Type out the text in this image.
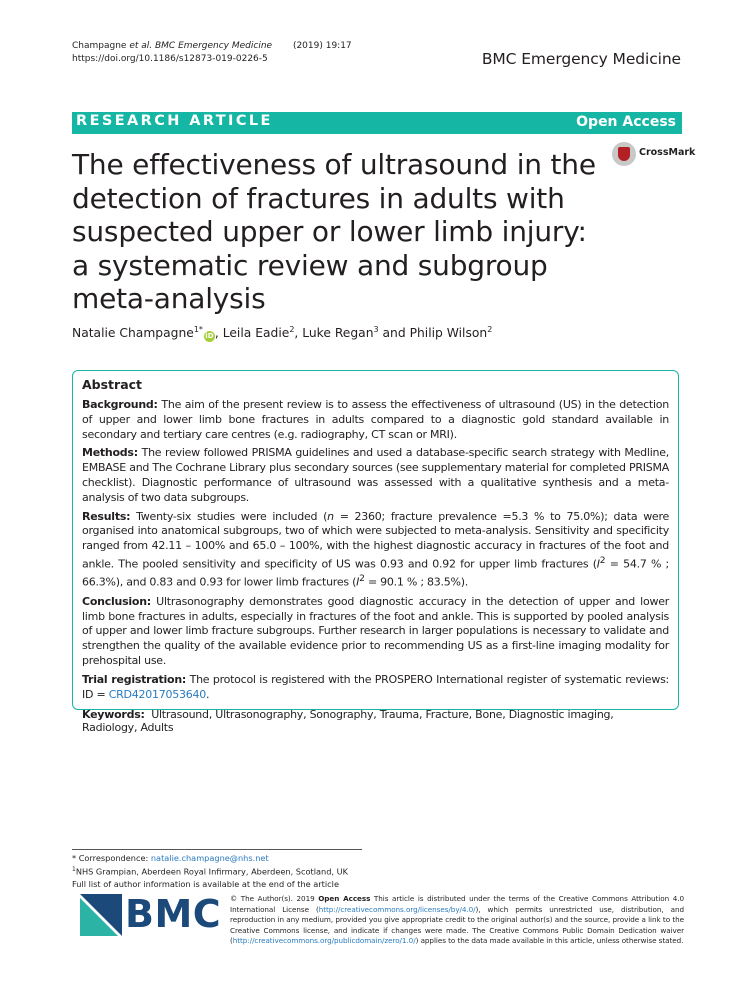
Champagne et al. BMC Emergency Medicine (2019) 19:17
https://doi.org/10.1186/s12873-019-0226-5	BMC Emergency Medicine
RESEARCH ARTICLE	Open Access
CrossMark
The effectiveness of ultrasound in the detection of fractures in adults with suspected upper or lower limb injury: a systematic review and subgroup meta-analysis
Natalie Champagne$^{1*}$iD, Leila Eadie$^2$, Luke Regan$^3$ and Philip Wilson$^2$
Abstract

Background: The aim of the present review is to assess the effectiveness of ultrasound (US) in the detection of upper and lower limb bone fractures in adults compared to a diagnostic gold standard available in secondary and tertiary care centres (e.g. radiography, CT scan or MRI).

Methods: The review followed PRISMA guidelines and used a database-specific search strategy with Medline, EMBASE and The Cochrane Library plus secondary sources (see supplementary material for completed PRISMA checklist). Diagnostic performance of ultrasound was assessed with a qualitative synthesis and a meta-analysis of two data subgroups.

Results: Twenty-six studies were included (n = 2360; fracture prevalence =5.3 % to 75.0%); data were organised into anatomical subgroups, two of which were subjected to meta-analysis. Sensitivity and specificity ranged from 42.11 – 100% and 65.0 – 100%, with the highest diagnostic accuracy in fractures of the foot and ankle. The pooled sensitivity and specificity of US was 0.93 and 0.92 for upper limb fractures ($I^2 = 54.7$ % ; 66.3%), and 0.83 and 0.93 for lower limb fractures ($I^2 = 90.1$ % ; 83.5%).

Conclusion: Ultrasonography demonstrates good diagnostic accuracy in the detection of upper and lower limb bone fractures in adults, especially in fractures of the foot and ankle. This is supported by pooled analysis of upper and lower limb fracture subgroups. Further research in larger populations is necessary to validate and strengthen the quality of the available evidence prior to recommending US as a first-line imaging modality for prehospital use.

Trial registration: The protocol is registered with the PROSPERO International register of systematic reviews: ID = CRD42017053640.

Keywords: Ultrasound , Ultrasonography , Sonography , Trauma , Fracture , Bone , Diagnostic imaging, Radiology , Adults
* Correspondence: natalie.champagne@nhs.net
$^1$NHS Grampian, Aberdeen Royal Infirmary, Aberdeen, Scotland, UK
Full list of author information is available at the end of the article
BMC © The Author(s). 2019 Open Access This article is distributed under the terms of the Creative Commons Attribution 4.0 International License (http://creativecommons.org/licenses/by/4.0/), which permits unrestricted use, distribution, and reproduction in any medium, provided you give appropriate credit to the original author(s) and the source, provide a link to the Creative Commons license, and indicate if changes were made. The Creative Commons Public Domain Dedication waiver (http://creativecommons.org/publicdomain/zero/1.0/) applies to the data made available in this article, unless otherwise stated.
